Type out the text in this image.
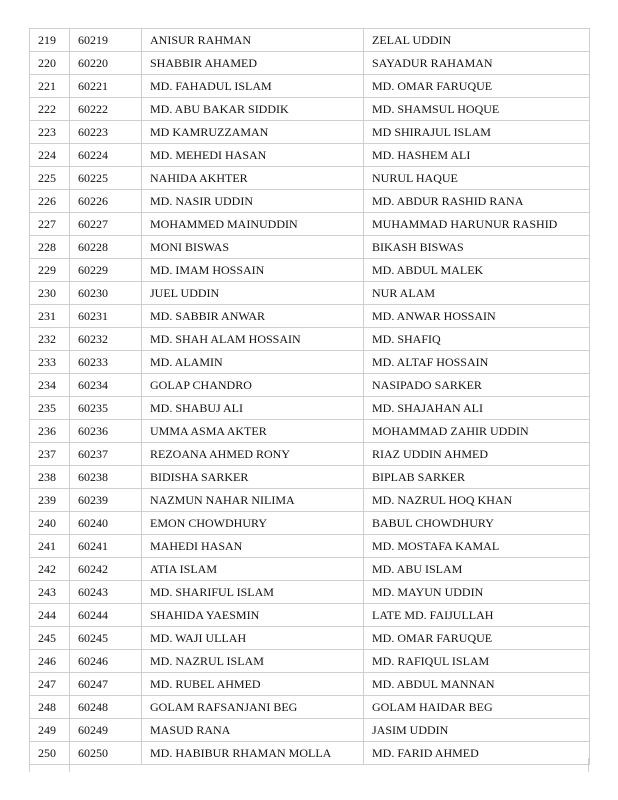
219	60219	ANISUR RAHMAN	ZELAL UDDIN
220	60220	SHABBIR AHAMED	SAYADUR RAHAMAN
221	60221	MD. FAHADUL ISLAM	MD. OMAR FARUQUE
222	60222	MD. ABU BAKAR SIDDIK	MD. SHAMSUL HOQUE
223	60223	MD KAMRUZZAMAN	MD SHIRAJUL ISLAM
224	60224	MD. MEHEDI HASAN	MD. HASHEM ALI
225	60225	NAHIDA AKHTER	NURUL HAQUE
226	60226	MD. NASIR UDDIN	MD. ABDUR RASHID RANA
227	60227	MOHAMMED MAINUDDIN	MUHAMMAD HARUNUR RASHID
228	60228	MONI BISWAS	BIKASH BISWAS
229	60229	MD. IMAM HOSSAIN	MD. ABDUL MALEK
230	60230	JUEL UDDIN	NUR ALAM
231	60231	MD. SABBIR ANWAR	MD. ANWAR HOSSAIN
232	60232	MD. SHAH ALAM HOSSAIN	MD. SHAFIQ
233	60233	MD. ALAMIN	MD. ALTAF HOSSAIN
234	60234	GOLAP CHANDRO	NASIPADO SARKER
235	60235	MD. SHABUJ ALI	MD. SHAJAHAN ALI
236	60236	UMMA ASMA AKTER	MOHAMMAD ZAHIR UDDIN
237	60237	REZOANA AHMED RONY	RIAZ UDDIN AHMED
238	60238	BIDISHA SARKER	BIPLAB SARKER
239	60239	NAZMUN NAHAR NILIMA	MD. NAZRUL HOQ KHAN
240	60240	EMON CHOWDHURY	BABUL CHOWDHURY
241	60241	MAHEDI HASAN	MD. MOSTAFA KAMAL
242	60242	ATIA ISLAM	MD. ABU ISLAM
243	60243	MD. SHARIFUL ISLAM	MD. MAYUN UDDIN
244	60244	SHAHIDA YAESMIN	LATE MD. FAIJULLAH
245	60245	MD. WAJI ULLAH	MD. OMAR FARUQUE
246	60246	MD. NAZRUL ISLAM	MD. RAFIQUL ISLAM
247	60247	MD. RUBEL AHMED	MD. ABDUL MANNAN
248	60248	GOLAM RAFSANJANI BEG	GOLAM HAIDAR BEG
249	60249	MASUD RANA	JASIM UDDIN
250	60250	MD. HABIBUR RHAMAN MOLLA	MD. FARID AHMED
